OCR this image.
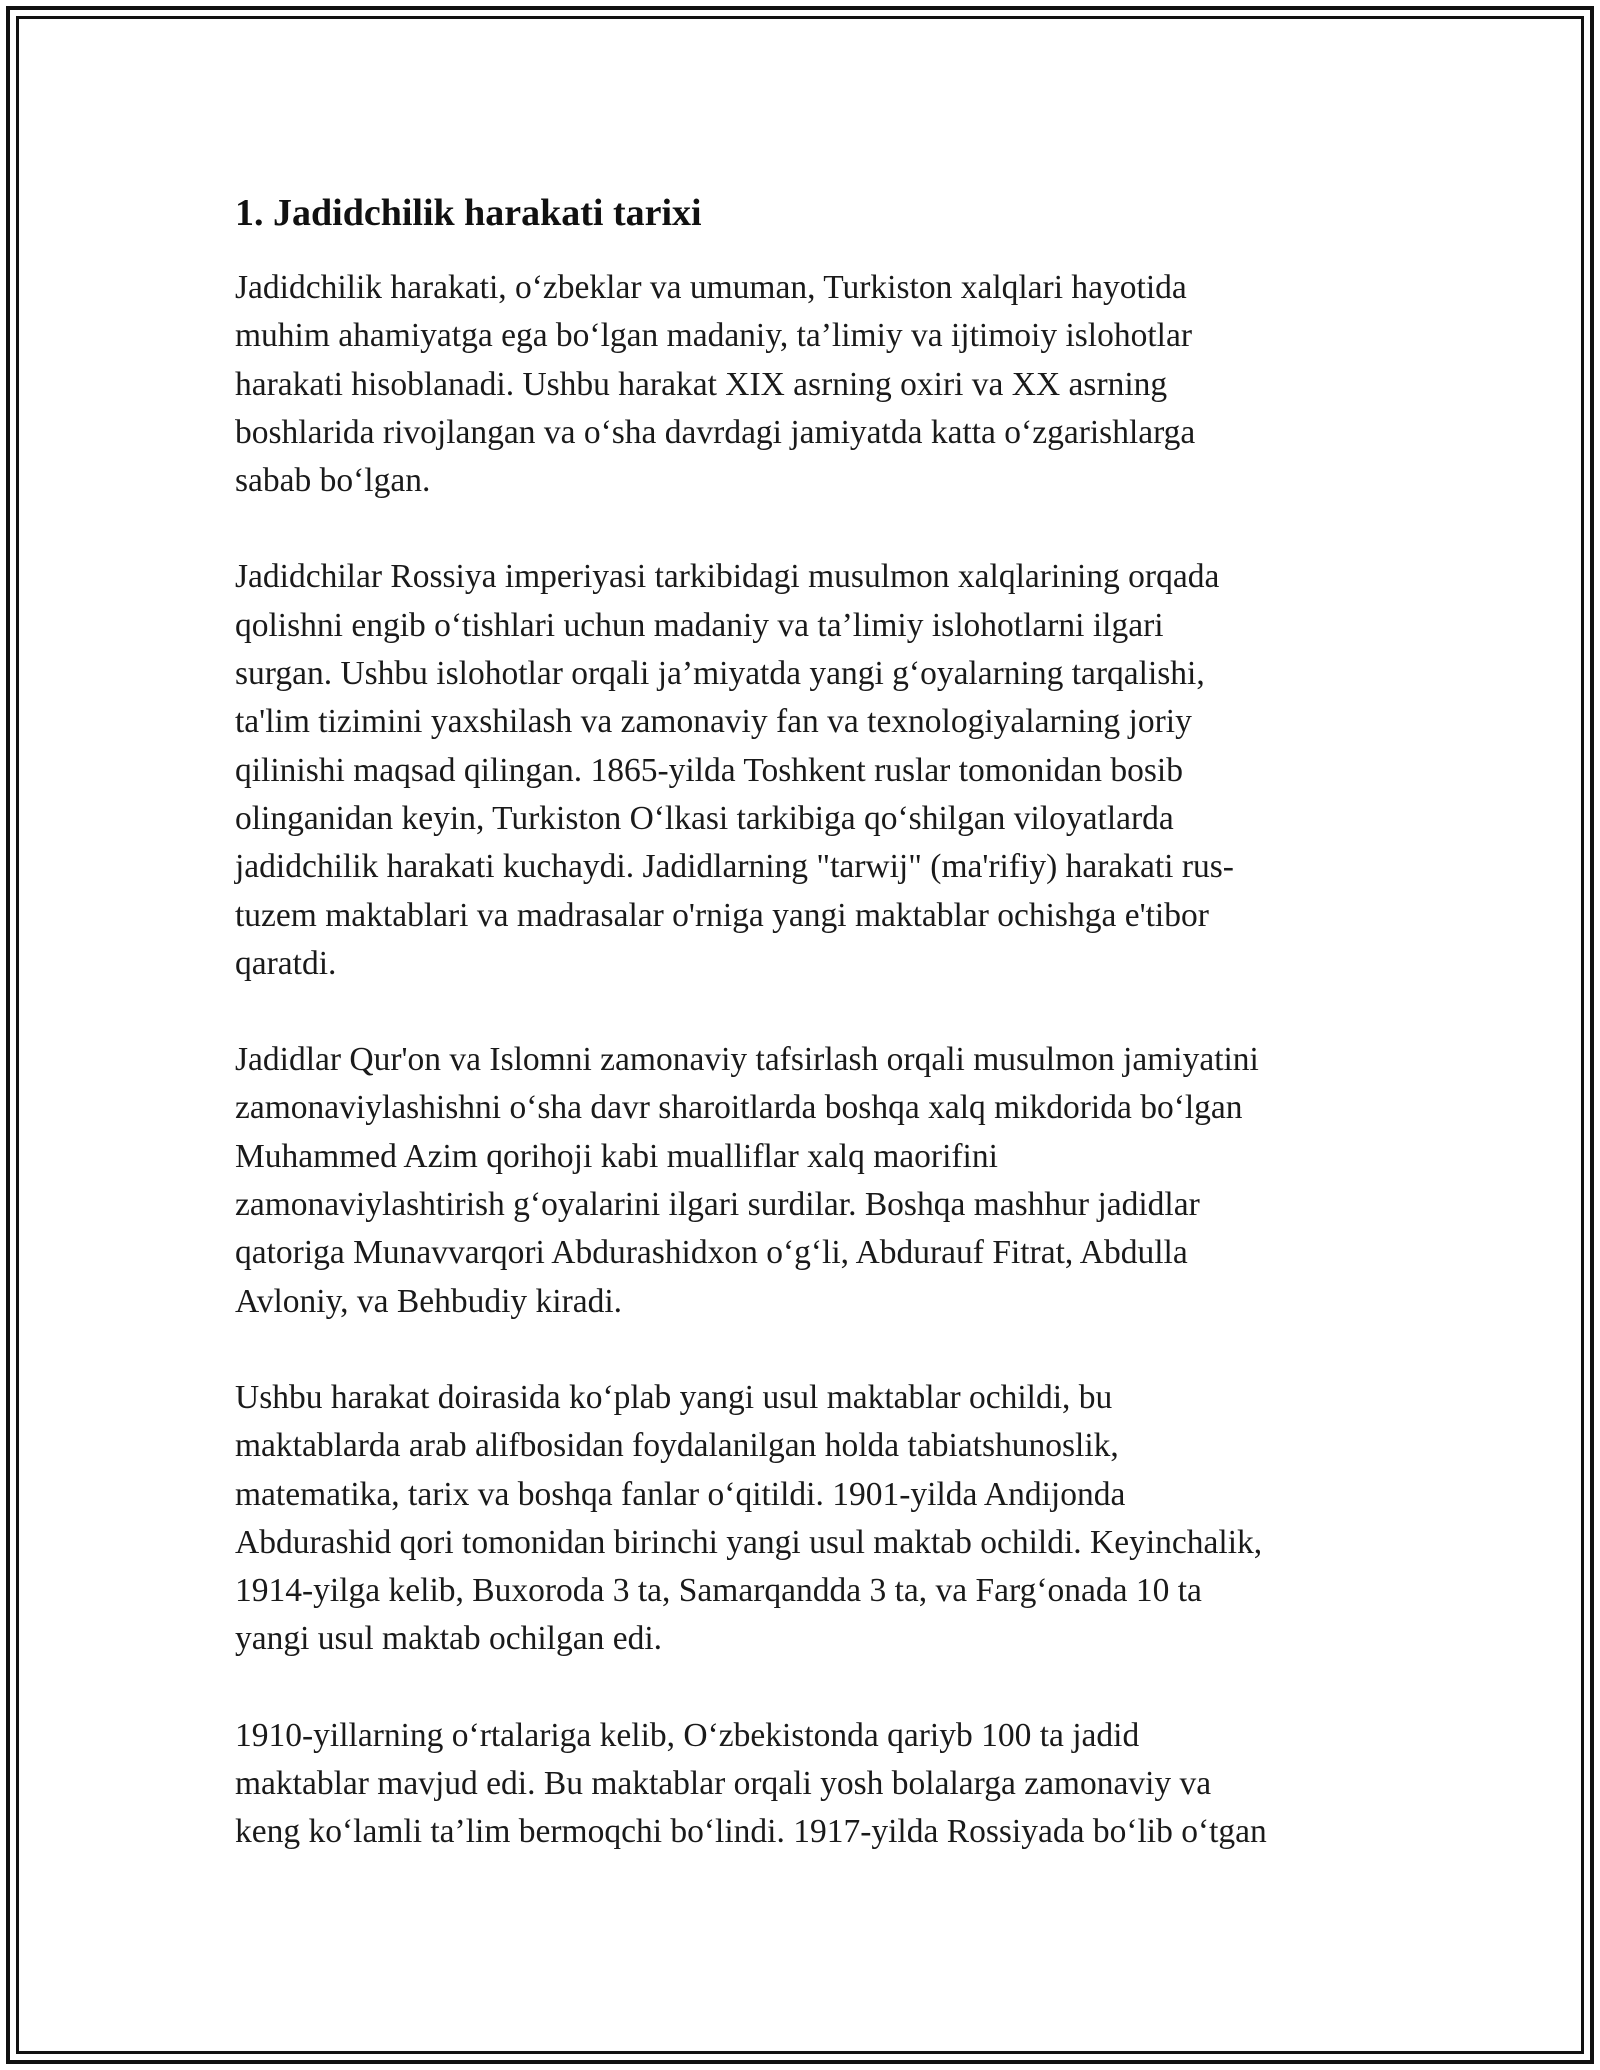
1. Jadidchilik harakati tarixi

Jadidchilik harakati, o‘zbeklar va umuman, Turkiston xalqlari hayotida
muhim ahamiyatga ega bo‘lgan madaniy, ta’limiy va ijtimoiy islohotlar
harakati hisoblanadi. Ushbu harakat XIX asrning oxiri va XX asrning
boshlarida rivojlangan va o‘sha davrdagi jamiyatda katta o‘zgarishlarga
sabab bo‘lgan.

Jadidchilar Rossiya imperiyasi tarkibidagi musulmon xalqlarining orqada
qolishni engib o‘tishlari uchun madaniy va ta’limiy islohotlarni ilgari
surgan. Ushbu islohotlar orqali ja’miyatda yangi g‘oyalarning tarqalishi,
ta'lim tizimini yaxshilash va zamonaviy fan va texnologiyalarning joriy
qilinishi maqsad qilingan. 1865-yilda Toshkent ruslar tomonidan bosib
olinganidan keyin, Turkiston O‘lkasi tarkibiga qo‘shilgan viloyatlarda
jadidchilik harakati kuchaydi. Jadidlarning "tarwij" (ma'rifiy) harakati rus-
tuzem maktablari va madrasalar o'rniga yangi maktablar ochishga e'tibor
qaratdi.

Jadidlar Qur'on va Islomni zamonaviy tafsirlash orqali musulmon jamiyatini
zamonaviylashishni o‘sha davr sharoitlarda boshqa xalq mikdorida bo‘lgan
Muhammed Azim qorihoji kabi mualliflar xalq maorifini
zamonaviylashtirish g‘oyalarini ilgari surdilar. Boshqa mashhur jadidlar
qatoriga Munavvarqori Abdurashidxon o‘g‘li, Abdurauf Fitrat, Abdulla
Avloniy, va Behbudiy kiradi.

Ushbu harakat doirasida ko‘plab yangi usul maktablar ochildi, bu
maktablarda arab alifbosidan foydalanilgan holda tabiatshunoslik,
matematika, tarix va boshqa fanlar o‘qitildi. 1901-yilda Andijonda
Abdurashid qori tomonidan birinchi yangi usul maktab ochildi. Keyinchalik,
1914-yilga kelib, Buxoroda 3 ta, Samarqandda 3 ta, va Farg‘onada 10 ta
yangi usul maktab ochilgan edi.

1910-yillarning o‘rtalariga kelib, O‘zbekistonda qariyb 100 ta jadid
maktablar mavjud edi. Bu maktablar orqali yosh bolalarga zamonaviy va
keng ko‘lamli ta’lim bermoqchi bo‘lindi. 1917-yilda Rossiyada bo‘lib o‘tgan
